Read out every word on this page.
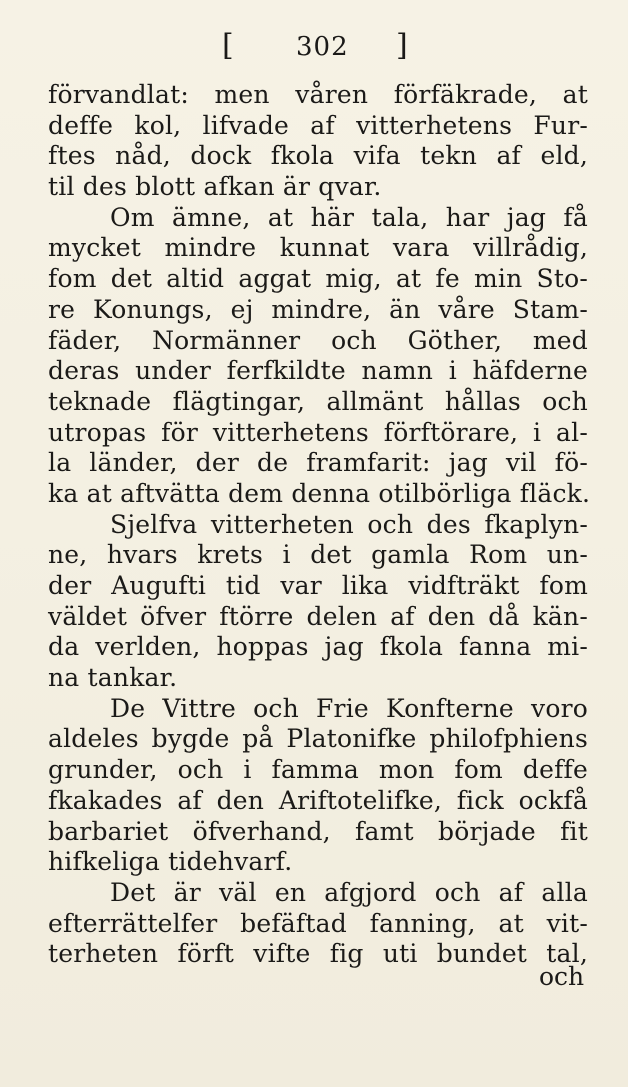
[ 302 ]
förvandlat: men våren förfäkrade, at
deffe kol, lifvade af vitterhetens Fur-
ftes nåd, dock fkola vifa tekn af eld,
til des blott afkan är qvar.
Om ämne, at här tala, har jag få
mycket mindre kunnat vara villrådig,
fom det altid aggat mig, at fe min Sto-
re Konungs, ej mindre, än våre Stam-
fäder, Normänner och Göther, med
deras under ferfkildte namn i häfderne
teknade flägtingar, allmänt hållas och
utropas för vitterhetens förftörare, i al-
la länder, der de framfarit: jag vil fö-
ka at aftvätta dem denna otilbörliga fläck.
Sjelfva vitterheten och des fkaplyn-
ne, hvars krets i det gamla Rom un-
der Augufti tid var lika vidfträkt fom
väldet öfver ftörre delen af den då kän-
da verlden, hoppas jag fkola fanna mi-
na tankar.
De Vittre och Frie Konfterne voro
aldeles bygde på Platonifke philofphiens
grunder, och i famma mon fom deffe
fkakades af den Ariftotelifke, fick ockfå
barbariet öfverhand, famt började fit
hifkeliga tidehvarf.
Det är väl en afgjord och af alla
efterrättelfer befäftad fanning, at vit-
terheten förft vifte fig uti bundet tal,
och
